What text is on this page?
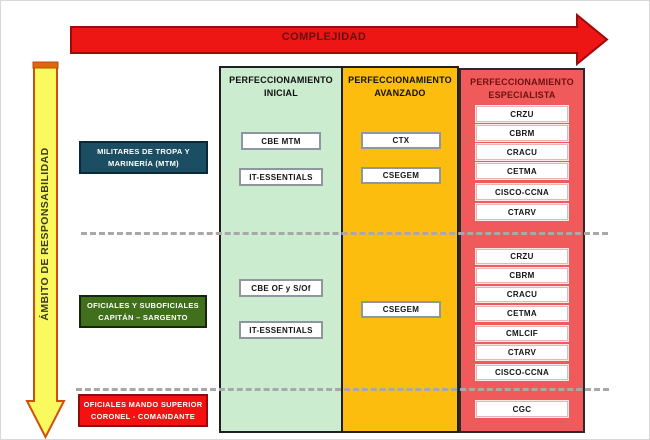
COMPLEJIDAD
ÁMBITO DE RESPONSABILIDAD
PERFECCIONAMIENTO
INICIAL
CBE MTM
IT-ESSENTIALS
CBE OF y S/Of
IT-ESSENTIALS
PERFECCIONAMIENTO
AVANZADO
CTX
CSEGEM
CSEGEM
PERFECCIONAMIENTO
ESPECIALISTA
CRZU
CBRM
CRACU
CETMA
CISCO-CCNA
CTARV
CRZU
CBRM
CRACU
CETMA
CMLCIF
CTARV
CISCO-CCNA
CGC
MILITARES DE TROPA Y
MARINERÍA (MTM)
OFICIALES Y SUBOFICIALES
CAPITÁN – SARGENTO
OFICIALES MANDO SUPERIOR
CORONEL - COMANDANTE
